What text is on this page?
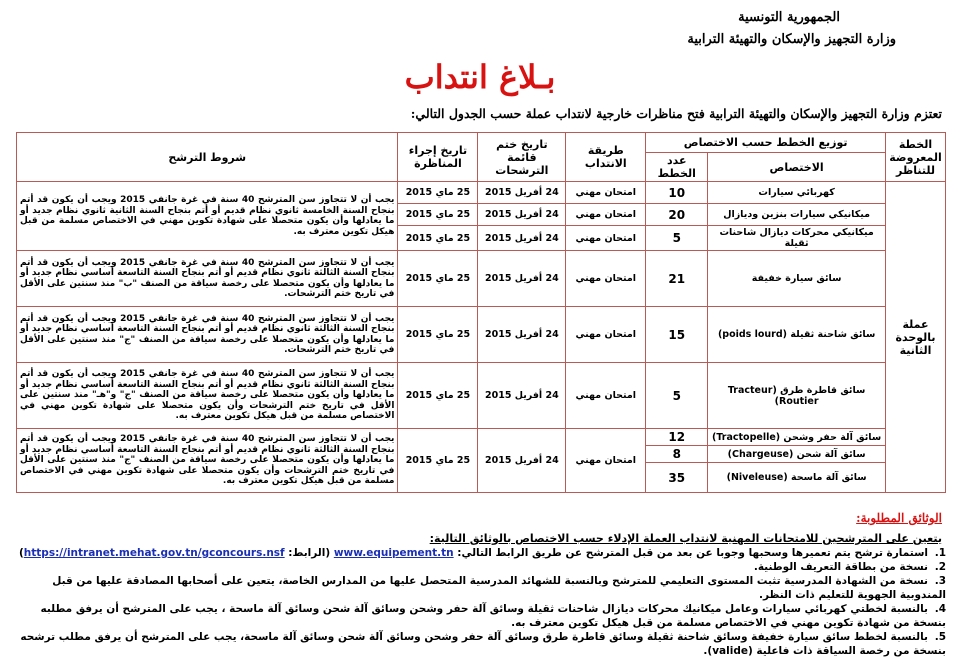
الجمهورية التونسية
وزارة التجهيز والإسكان والتهيئة الترابية
بـلاغ انتداب
تعتزم وزارة التجهيز والإسكان والتهيئة الترابية فتح مناظرات خارجية لانتداب عملة حسب الجدول التالي:
الخطة المعروضة للتناظر	توزيع الخطط حسب الاختصاص		طريقة الانتداب	تاريخ ختم قائمة الترشحات	تاريخ إجراء المناظرة	شروط الترشح
	الاختصاص	عدد الخطط				
عملة بالوحدة الثانية	كهربائي سيارات	10	امتحان مهني	24 أفريل 2015	25 ماي 2015	يجب أن لا تتجاوز سن المترشح 40 سنة في غرة جانفي 2015 ويجب أن يكون قد أتم بنجاح السنة الخامسة ثانوي نظام قديم أو أتم بنجاح السنة الثانية ثانوي نظام جديد أو ما يعادلها وأن يكون متحصلا على شهادة تكوين مهني في الاختصاص مسلمة من قبل هيكل تكوين معترف به.
	ميكانيكي سيارات بنزين وديازال	20	امتحان مهني	24 أفريل 2015	25 ماي 2015	
	ميكانيكي محركات ديازال شاحنات ثقيلة	5	امتحان مهني	24 أفريل 2015	25 ماي 2015	
	سائق سيارة خفيفة	21	امتحان مهني	24 أفريل 2015	25 ماي 2015	يجب أن لا تتجاوز سن المترشح 40 سنة في غرة جانفي 2015 ويجب أن يكون قد أتم بنجاح السنة الثالثة ثانوي نظام قديم أو أتم بنجاح السنة التاسعة أساسي نظام جديد أو ما يعادلها وأن يكون متحصلا على رخصة سياقة من الصنف "ب" منذ سنتين على الأقل في تاريخ ختم الترشحات.
	سائق شاحنة ثقيلة (poids lourd)	15	امتحان مهني	24 أفريل 2015	25 ماي 2015	يجب أن لا تتجاوز سن المترشح 40 سنة في غرة جانفي 2015 ويجب أن يكون قد أتم بنجاح السنة الثالثة ثانوي نظام قديم أو أتم بنجاح السنة التاسعة أساسي نظام جديد أو ما يعادلها وأن يكون متحصلا على رخصة سياقة من الصنف "ج" منذ سنتين على الأقل في تاريخ ختم الترشحات.
	سائق قاطرة طرق (Tracteur Routier)	5	امتحان مهني	24 أفريل 2015	25 ماي 2015	يجب أن لا تتجاوز سن المترشح 40 سنة في غرة جانفي 2015 ويجب أن يكون قد أتم بنجاح السنة الثالثة ثانوي نظام قديم أو أتم بنجاح السنة التاسعة أساسي نظام جديد أو ما يعادلها وأن يكون متحصلا على رخصة سياقة من الصنف "ج" و"هـ" منذ سنتين على الأقل في تاريخ ختم الترشحات وأن يكون متحصلا على شهادة تكوين مهني في الاختصاص مسلمة من قبل هيكل تكوين معترف به.
	سائق آلة حفر وشحن (Tractopelle)	12	امتحان مهني	24 أفريل 2015	25 ماي 2015	يجب أن لا تتجاوز سن المترشح 40 سنة في غرة جانفي 2015 ويجب أن يكون قد أتم بنجاح السنة الثالثة ثانوي نظام قديم أو أتم بنجاح السنة التاسعة أساسي نظام جديد أو ما يعادلها وأن يكون متحصلا على رخصة سياقة من الصنف "ج" منذ سنتين على الأقل في تاريخ ختم الترشحات وأن يكون متحصلا على شهادة تكوين مهني في الاختصاص مسلمة من قبل هيكل تكوين معترف به.
	سائق آلة شحن (Chargeuse)	8				
	سائق آلة ماسحة (Niveleuse)	35				
الوثائق المطلوبة:
يتعين على المترشحين للامتحانات المهنية لانتداب العملة الإدلاء حسب الاختصاص بالوثائق التالية:
1.استمارة ترشح يتم تعميرها وسحبها وجوبا عن بعد من قبل المترشح عن طريق الرابط التالي: www.equipement.tn (الرابط: https://intranet.mehat.gov.tn/gconcours.nsf)
2.نسخة من بطاقة التعريف الوطنية.
3.نسخة من الشهادة المدرسية تثبت المستوى التعليمي للمترشح وبالنسبة للشهائد المدرسية المتحصل عليها من المدارس الخاصة، يتعين على أصحابها المصادقة عليها من قبل المندوبية الجهوية للتعليم ذات النظر.
4.بالنسبة لخطتي كهربائي سيارات وعامل ميكانيك محركات ديازال شاحنات ثقيلة وسائق آلة حفر وشحن وسائق آلة شحن وسائق آلة ماسحة ، يجب على المترشح أن يرفق مطلبه بنسخة من شهادة تكوين مهني في الاختصاص مسلمة من قبل هيكل تكوين معترف به.
5.بالنسبة لخطط سائق سيارة خفيفة وسائق شاحنة ثقيلة وسائق قاطرة طرق وسائق آلة حفر وشحن وسائق آلة شحن وسائق آلة ماسحة، يجب على المترشح أن يرفق مطلب ترشحه بنسخة من رخصة السياقة ذات فاعلية (valide).
